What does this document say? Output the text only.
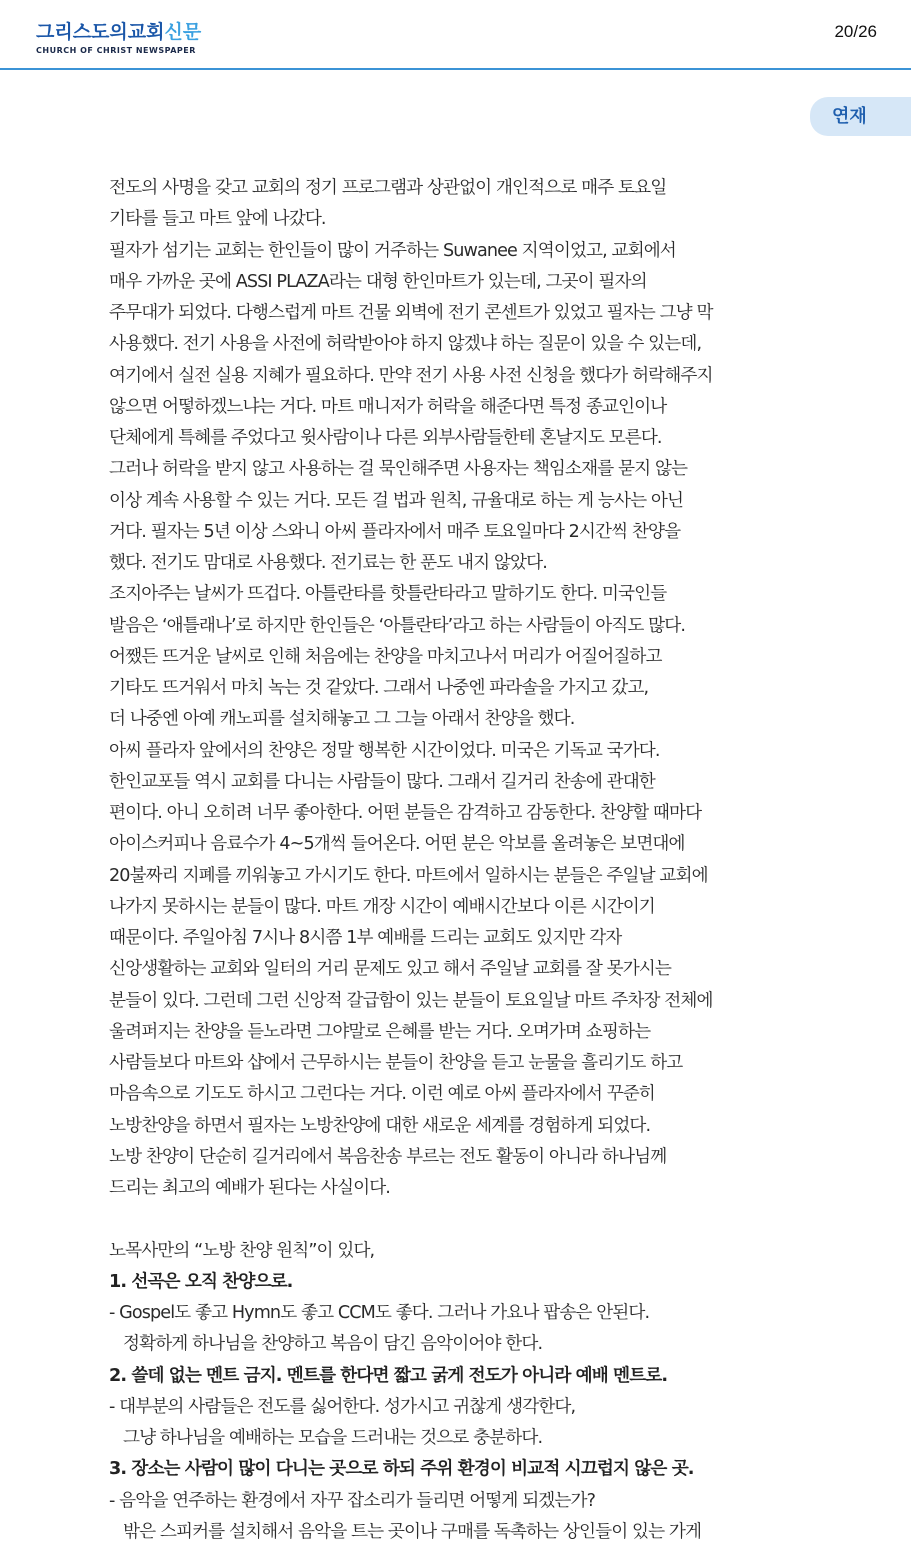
그리스도의교회신문
CHURCH OF CHRIST NEWSPAPER
20/26
연재

전도의 사명을 갖고 교회의 정기 프로그램과 상관없이 개인적으로 매주 토요일

기타를 들고 마트 앞에 나갔다.

필자가 섬기는 교회는 한인들이 많이 거주하는 Suwanee 지역이었고, 교회에서

매우 가까운 곳에 ASSI PLAZA라는 대형 한인마트가 있는데, 그곳이 필자의

주무대가 되었다. 다행스럽게 마트 건물 외벽에 전기 콘센트가 있었고 필자는 그냥 막

사용했다. 전기 사용을 사전에 허락받아야 하지 않겠냐 하는 질문이 있을 수 있는데,

여기에서 실전 실용 지혜가 필요하다. 만약 전기 사용 사전 신청을 했다가 허락해주지

않으면 어떻하겠느냐는 거다. 마트 매니저가 허락을 해준다면 특정 종교인이나

단체에게 특혜를 주었다고 윗사람이나 다른 외부사람들한테 혼날지도 모른다.

그러나 허락을 받지 않고 사용하는 걸 묵인해주면 사용자는 책임소재를 묻지 않는

이상 계속 사용할 수 있는 거다. 모든 걸 법과 원칙, 규율대로 하는 게 능사는 아닌

거다. 필자는 5년 이상 스와니 아씨 플라자에서 매주 토요일마다 2시간씩 찬양을

했다. 전기도 맘대로 사용했다. 전기료는 한 푼도 내지 않았다.

조지아주는 날씨가 뜨겁다. 아틀란타를 핫틀란타라고 말하기도 한다. 미국인들

발음은 ‘애틀래나’로 하지만 한인들은 ‘아틀란타’라고 하는 사람들이 아직도 많다.

어쨌든 뜨거운 날씨로 인해 처음에는 찬양을 마치고나서 머리가 어질어질하고

기타도 뜨거워서 마치 녹는 것 같았다. 그래서 나중엔 파라솔을 가지고 갔고,

더 나중엔 아예 캐노피를 설치해놓고 그 그늘 아래서 찬양을 했다.

아씨 플라자 앞에서의 찬양은 정말 행복한 시간이었다. 미국은 기독교 국가다.

한인교포들 역시 교회를 다니는 사람들이 많다. 그래서 길거리 찬송에 관대한

편이다. 아니 오히려 너무 좋아한다. 어떤 분들은 감격하고 감동한다. 찬양할 때마다

아이스커피나 음료수가 4~5개씩 들어온다. 어떤 분은 악보를 올려놓은 보면대에

20불짜리 지폐를 끼워놓고 가시기도 한다. 마트에서 일하시는 분들은 주일날 교회에

나가지 못하시는 분들이 많다. 마트 개장 시간이 예배시간보다 이른 시간이기

때문이다. 주일아침 7시나 8시쯤 1부 예배를 드리는 교회도 있지만 각자

신앙생활하는 교회와 일터의 거리 문제도 있고 해서 주일날 교회를 잘 못가시는

분들이 있다. 그런데 그런 신앙적 갈급함이 있는 분들이 토요일날 마트 주차장 전체에

울려퍼지는 찬양을 듣노라면 그야말로 은혜를 받는 거다. 오며가며 쇼핑하는

사람들보다 마트와 샵에서 근무하시는 분들이 찬양을 듣고 눈물을 흘리기도 하고

마음속으로 기도도 하시고 그런다는 거다. 이런 예로 아씨 플라자에서 꾸준히

노방찬양을 하면서 필자는 노방찬양에 대한 새로운 세계를 경험하게 되었다.

노방 찬양이 단순히 길거리에서 복음찬송 부르는 전도 활동이 아니라 하나님께

드리는 최고의 예배가 된다는 사실이다.

노목사만의 “노방 찬양 원칙”이 있다,

1. 선곡은 오직 찬양으로.

- Gospel도 좋고 Hymn도 좋고 CCM도 좋다. 그러나 가요나 팝송은 안된다.

정확하게 하나님을 찬양하고 복음이 담긴 음악이어야 한다.

2. 쓸데 없는 멘트 금지. 멘트를 한다면 짧고 굵게 전도가 아니라 예배 멘트로.

- 대부분의 사람들은 전도를 싫어한다. 성가시고 귀찮게 생각한다,

그냥 하나님을 예배하는 모습을 드러내는 것으로 충분하다.

3. 장소는 사람이 많이 다니는 곳으로 하되 주위 환경이 비교적 시끄럽지 않은 곳.

- 음악을 연주하는 환경에서 자꾸 잡소리가 들리면 어떻게 되겠는가?

밖은 스피커를 설치해서 음악을 트는 곳이나 구매를 독촉하는 상인들이 있는 가게
